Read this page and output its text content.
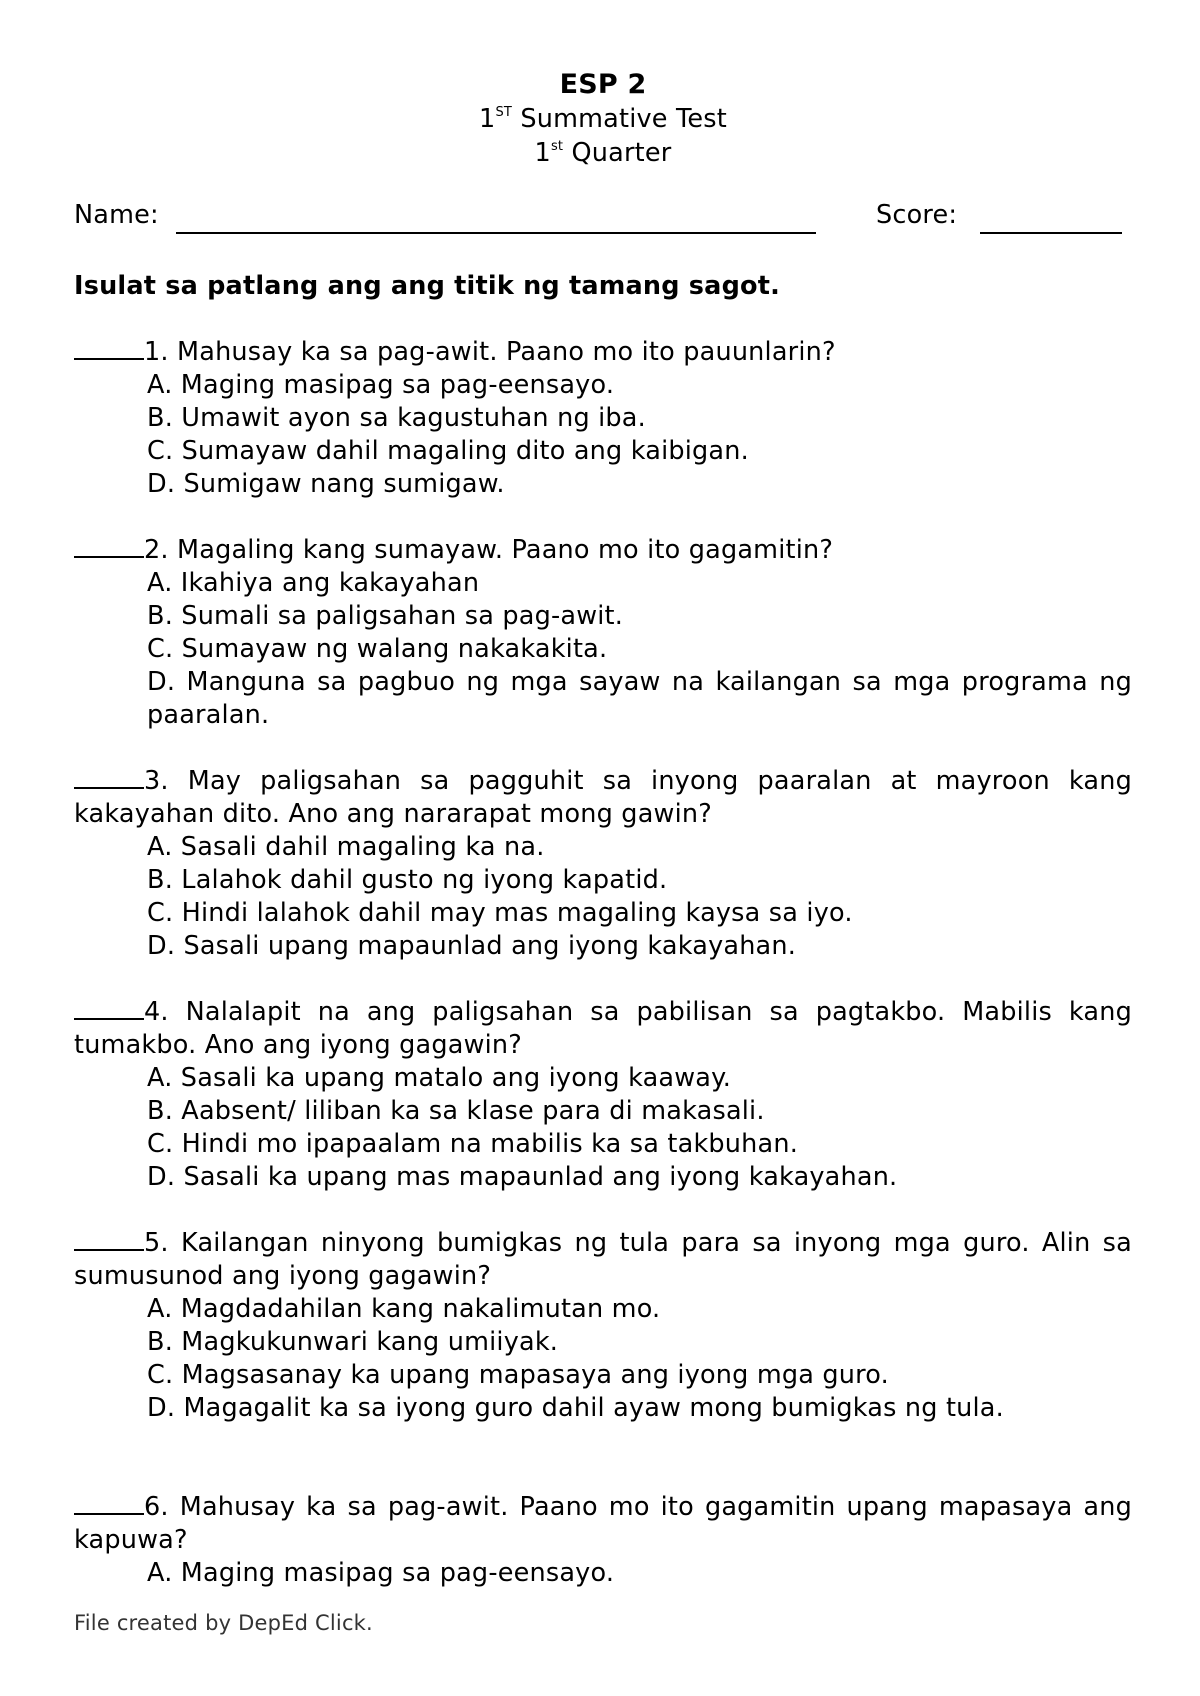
ESP 2
1ST Summative Test
1st Quarter
Name:	Score:
Isulat sa patlang ang ang titik ng tamang sagot.
1. Mahusay ka sa pag-awit. Paano mo ito pauunlarin?
A. Maging masipag sa pag-eensayo.
B. Umawit ayon sa kagustuhan ng iba.
C. Sumayaw dahil magaling dito ang kaibigan.
D. Sumigaw nang sumigaw.
2. Magaling kang sumayaw. Paano mo ito gagamitin?
A. Ikahiya ang kakayahan
B. Sumali sa paligsahan sa pag-awit.
C. Sumayaw ng walang nakakakita.
D. Manguna sa pagbuo ng mga sayaw na kailangan sa mga programa ng paaralan.
3. May paligsahan sa pagguhit sa inyong paaralan at mayroon kang kakayahan dito. Ano ang nararapat mong gawin?
A. Sasali dahil magaling ka na.
B. Lalahok dahil gusto ng iyong kapatid.
C. Hindi lalahok dahil may mas magaling kaysa sa iyo.
D. Sasali upang mapaunlad ang iyong kakayahan.
4. Nalalapit na ang paligsahan sa pabilisan sa pagtakbo. Mabilis kang tumakbo. Ano ang iyong gagawin?
A. Sasali ka upang matalo ang iyong kaaway.
B. Aabsent/ liliban ka sa klase para di makasali.
C. Hindi mo ipapaalam na mabilis ka sa takbuhan.
D. Sasali ka upang mas mapaunlad ang iyong kakayahan.
5. Kailangan ninyong bumigkas ng tula para sa inyong mga guro. Alin sa sumusunod ang iyong gagawin?
A. Magdadahilan kang nakalimutan mo.
B. Magkukunwari kang umiiyak.
C. Magsasanay ka upang mapasaya ang iyong mga guro.
D. Magagalit ka sa iyong guro dahil ayaw mong bumigkas ng tula.
6. Mahusay ka sa pag-awit. Paano mo ito gagamitin upang mapasaya ang kapuwa?
A. Maging masipag sa pag-eensayo.
File created by DepEd Click.
